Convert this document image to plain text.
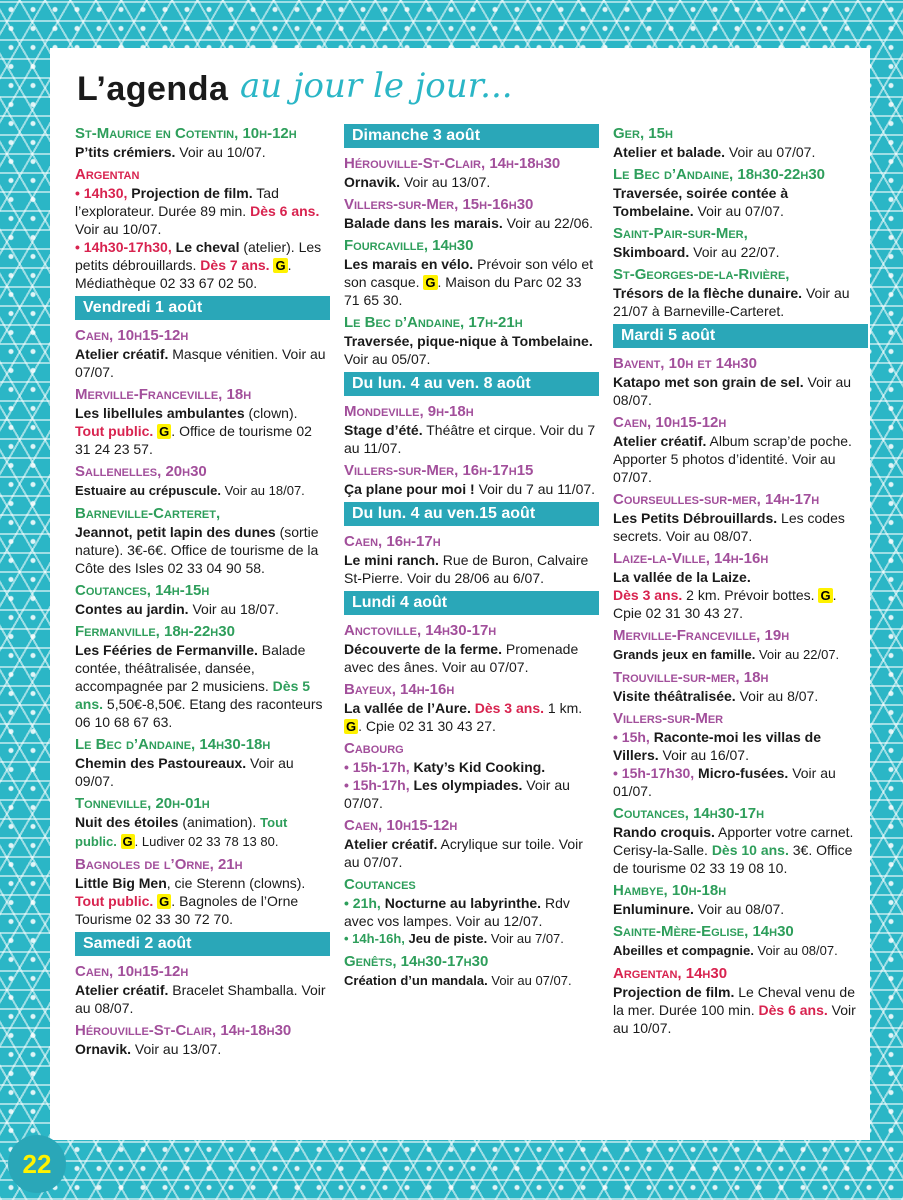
L’agenda au jour le jour...
St-Maurice en Cotentin, 10h-12h
P’tits crémiers. Voir au 10/07.
Argentan
• 14h30, Projection de film. Tad l’explorateur. Durée 89 min. Dès 6 ans. Voir au 10/07.
• 14h30-17h30, Le cheval (atelier). Les petits débrouillards. Dès 7 ans. G . Médiathèque 02 33 67 02 50.
Vendredi 1 août
Caen, 10h15-12h
Atelier créatif. Masque vénitien. Voir au 07/07.
Merville-Franceville, 18h
Les libellules ambulantes (clown). Tout public. G . Office de tourisme 02 31 24 23 57.
Sallenelles, 20h30
Estuaire au crépuscule. Voir au 18/07.
Barneville-Carteret,
Jeannot, petit lapin des dunes (sortie nature). 3€-6€. Office de tourisme de la Côte des Isles 02 33 04 90 58.
Coutances, 14h-15h
Contes au jardin. Voir au 18/07.
Fermanville, 18h-22h30
Les Fééries de Fermanville. Balade contée, théâtralisée, dansée, accompagnée par 2 musiciens. Dès 5 ans. 5,50€-8,50€. Etang des raconteurs 06 10 68 67 63.
Le Bec d’Andaine, 14h30-18h
Chemin des Pastoureaux. Voir au 09/07.
Tonneville, 20h-01h
Nuit des étoiles (animation). Tout public. G . Ludiver 02 33 78 13 80.
Bagnoles de l’Orne, 21h
Little Big Men, cie Sterenn (clowns). Tout public. G . Bagnoles de l’Orne Tourisme 02 33 30 72 70.
Samedi 2 août
Caen, 10h15-12h
Atelier créatif. Bracelet Shamballa. Voir au 08/07.
Hérouville-St-Clair, 14h-18h30
Ornavik. Voir au 13/07.
Dimanche 3 août
Hérouville-St-Clair, 14h-18h30
Ornavik. Voir au 13/07.
Villers-sur-Mer, 15h-16h30
Balade dans les marais. Voir au 22/06.
Fourcaville, 14h30
Les marais en vélo. Prévoir son vélo et son casque. G . Maison du Parc 02 33 71 65 30.
Le Bec d’Andaine, 17h-21h
Traversée, pique-nique à Tombelaine. Voir au 05/07.
Du lun. 4 au ven. 8 août
Mondeville, 9h-18h
Stage d’été. Théâtre et cirque. Voir du 7 au 11/07.
Villers-sur-Mer, 16h-17h15
Ça plane pour moi ! Voir du 7 au 11/07.
Du lun. 4 au ven.15 août
Caen, 16h-17h
Le mini ranch. Rue de Buron, Calvaire St-Pierre. Voir du 28/06 au 6/07.
Lundi 4 août
Anctoville, 14h30-17h
Découverte de la ferme. Promenade avec des ânes. Voir au 07/07.
Bayeux, 14h-16h
La vallée de l’Aure. Dès 3 ans. 1 km. G . Cpie 02 31 30 43 27.
Cabourg
• 15h-17h, Katy’s Kid Cooking.
• 15h-17h, Les olympiades. Voir au 07/07.
Caen, 10h15-12h
Atelier créatif. Acrylique sur toile. Voir au 07/07.
Coutances
• 21h, Nocturne au labyrinthe. Rdv avec vos lampes. Voir au 12/07.
• 14h-16h, Jeu de piste. Voir au 7/07.
Genêts, 14h30-17h30
Création d’un mandala. Voir au 07/07.
Ger, 15h
Atelier et balade. Voir au 07/07.
Le Bec d’Andaine, 18h30-22h30
Traversée, soirée contée à Tombelaine. Voir au 07/07.
Saint-Pair-sur-Mer,
Skimboard. Voir au 22/07.
St-Georges-de-la-Rivière,
Trésors de la flèche dunaire. Voir au 21/07 à Barneville-Carteret.
Mardi 5 août
Bavent, 10h et 14h30
Katapo met son grain de sel. Voir au 08/07.
Caen, 10h15-12h
Atelier créatif. Album scrap’de poche. Apporter 5 photos d’identité. Voir au 07/07.
Courseulles-sur-mer, 14h-17h
Les Petits Débrouillards. Les codes secrets. Voir au 08/07.
Laize-la-Ville, 14h-16h
La vallée de la Laize.
Dès 3 ans. 2 km. Prévoir bottes. G . Cpie 02 31 30 43 27.
Merville-Franceville, 19h
Grands jeux en famille. Voir au 22/07.
Trouville-sur-mer, 18h
Visite théâtralisée. Voir au 8/07.
Villers-sur-Mer
• 15h, Raconte-moi les villas de Villers. Voir au 16/07.
• 15h-17h30, Micro-fusées. Voir au 01/07.
Coutances, 14h30-17h
Rando croquis. Apporter votre carnet. Cerisy-la-Salle. Dès 10 ans. 3€. Office de tourisme 02 33 19 08 10.
Hambye, 10h-18h
Enluminure. Voir au 08/07.
Sainte-Mère-Eglise, 14h30
Abeilles et compagnie. Voir au 08/07.
Argentan, 14h30
Projection de film. Le Cheval venu de la mer. Durée 100 min. Dès 6 ans. Voir au 10/07.
22
